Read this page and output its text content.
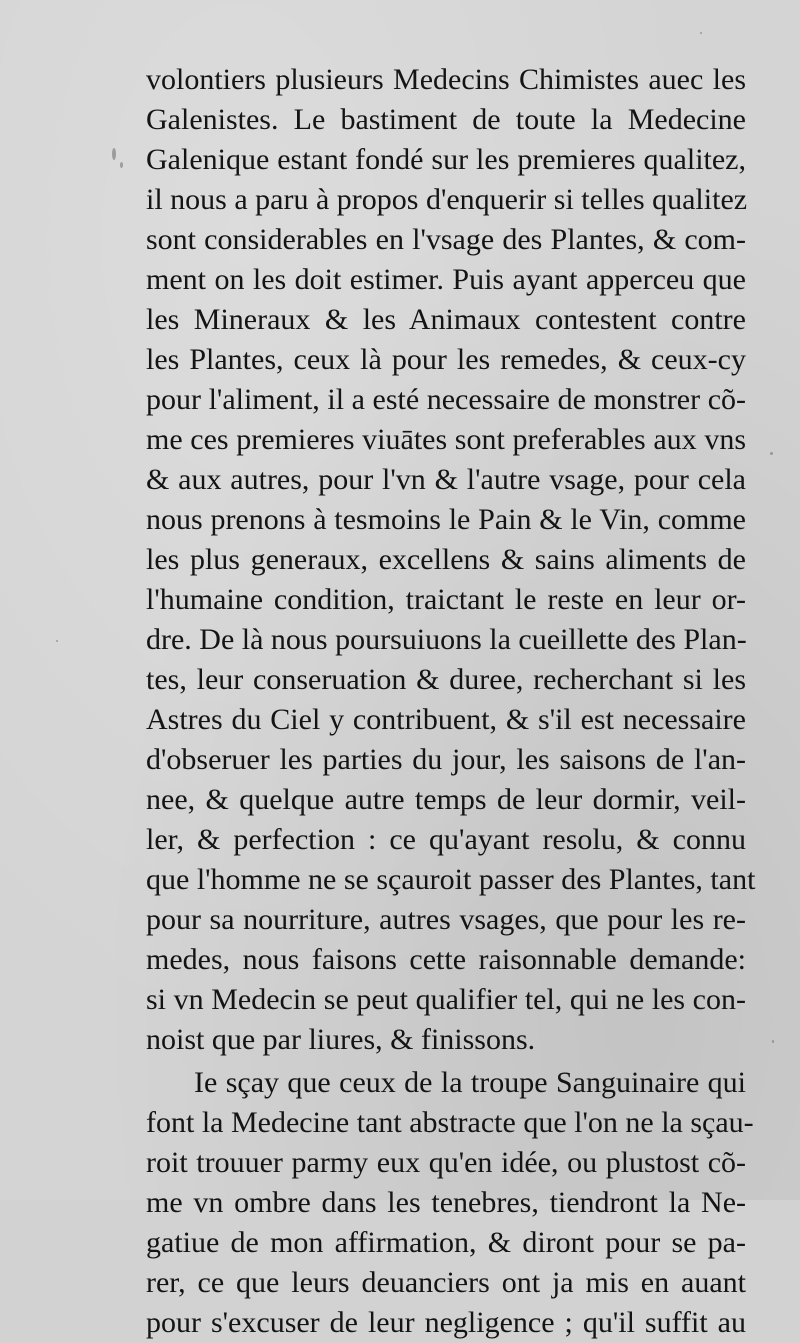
volontiers plusieurs Medecins Chimistes auec les
Galenistes. Le bastiment de toute la Medecine
Galenique estant fondé sur les premieres qualitez,
il nous a paru à propos d'enquerir si telles qualitez
sont considerables en l'vsage des Plantes, & com-
ment on les doit estimer. Puis ayant apperceu que
les Mineraux & les Animaux contestent contre
les Plantes, ceux là pour les remedes, & ceux-cy
pour l'aliment, il a esté necessaire de monstrer cõ-
me ces premieres viuātes sont preferables aux vns
& aux autres, pour l'vn & l'autre vsage, pour cela
nous prenons à tesmoins le Pain & le Vin, comme
les plus generaux, excellens & sains aliments de
l'humaine condition, traictant le reste en leur or-
dre. De là nous poursuiuons la cueillette des Plan-
tes, leur conseruation & duree, recherchant si les
Astres du Ciel y contribuent, & s'il est necessaire
d'obseruer les parties du jour, les saisons de l'an-
nee, & quelque autre temps de leur dormir, veil-
ler, & perfection : ce qu'ayant resolu, & connu
que l'homme ne se sçauroit passer des Plantes, tant
pour sa nourriture, autres vsages, que pour les re-
medes, nous faisons cette raisonnable demande:
si vn Medecin se peut qualifier tel, qui ne les con-
noist que par liures, & finissons.
Ie sçay que ceux de la troupe Sanguinaire qui
font la Medecine tant abstracte que l'on ne la sçau-
roit trouuer parmy eux qu'en idée, ou plustost cõ-
me vn ombre dans les tenebres, tiendront la Ne-
gatiue de mon affirmation, & diront pour se pa-
rer, ce que leurs deuanciers ont ja mis en auant
pour s'excuser de leur negligence ; qu'il suffit au
